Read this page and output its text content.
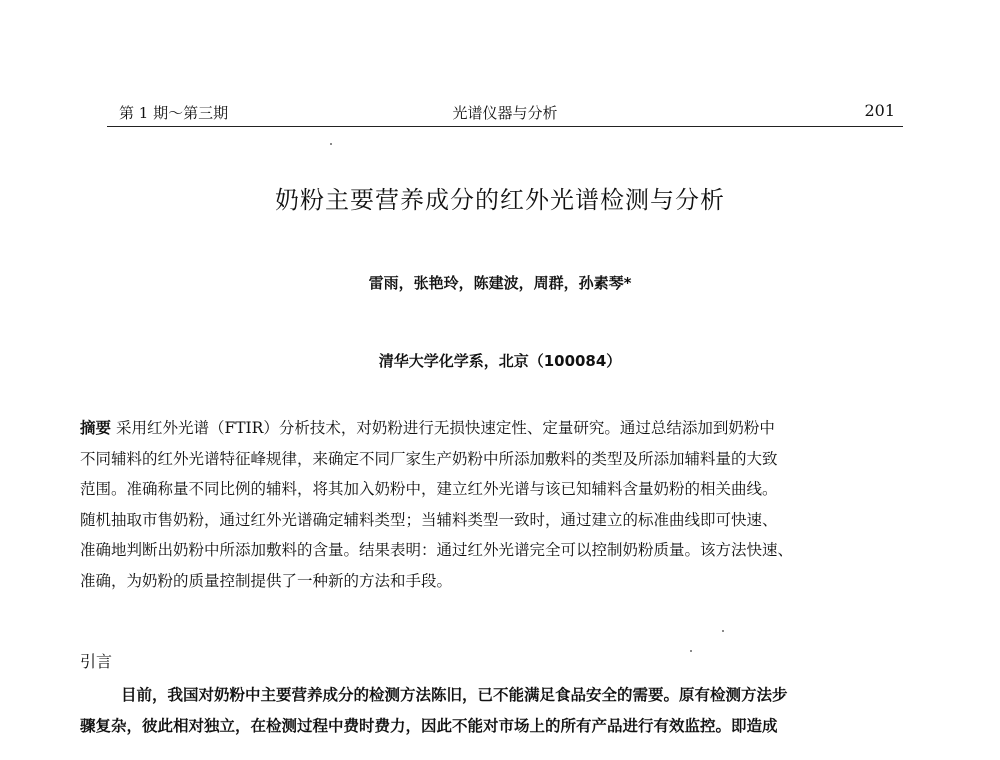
第 1 期～第三期	光谱仪器与分析	201
奶粉主要营养成分的红外光谱检测与分析
雷雨，张艳玲，陈建波，周群，孙素琴*
清华大学化学系，北京（100084）
摘要 采用红外光谱（FTIR）分析技术，对奶粉进行无损快速定性、定量研究。通过总结添加到奶粉中
不同辅料的红外光谱特征峰规律，来确定不同厂家生产奶粉中所添加敷料的类型及所添加辅料量的大致
范围。准确称量不同比例的辅料，将其加入奶粉中，建立红外光谱与该已知辅料含量奶粉的相关曲线。
随机抽取市售奶粉，通过红外光谱确定辅料类型；当辅料类型一致时，通过建立的标准曲线即可快速、
准确地判断出奶粉中所添加敷料的含量。结果表明：通过红外光谱完全可以控制奶粉质量。该方法快速、
准确，为奶粉的质量控制提供了一种新的方法和手段。
引言
目前，我国对奶粉中主要营养成分的检测方法陈旧，已不能满足食品安全的需要。原有检测方法步
骤复杂，彼此相对独立，在检测过程中费时费力，因此不能对市场上的所有产品进行有效监控。即造成
